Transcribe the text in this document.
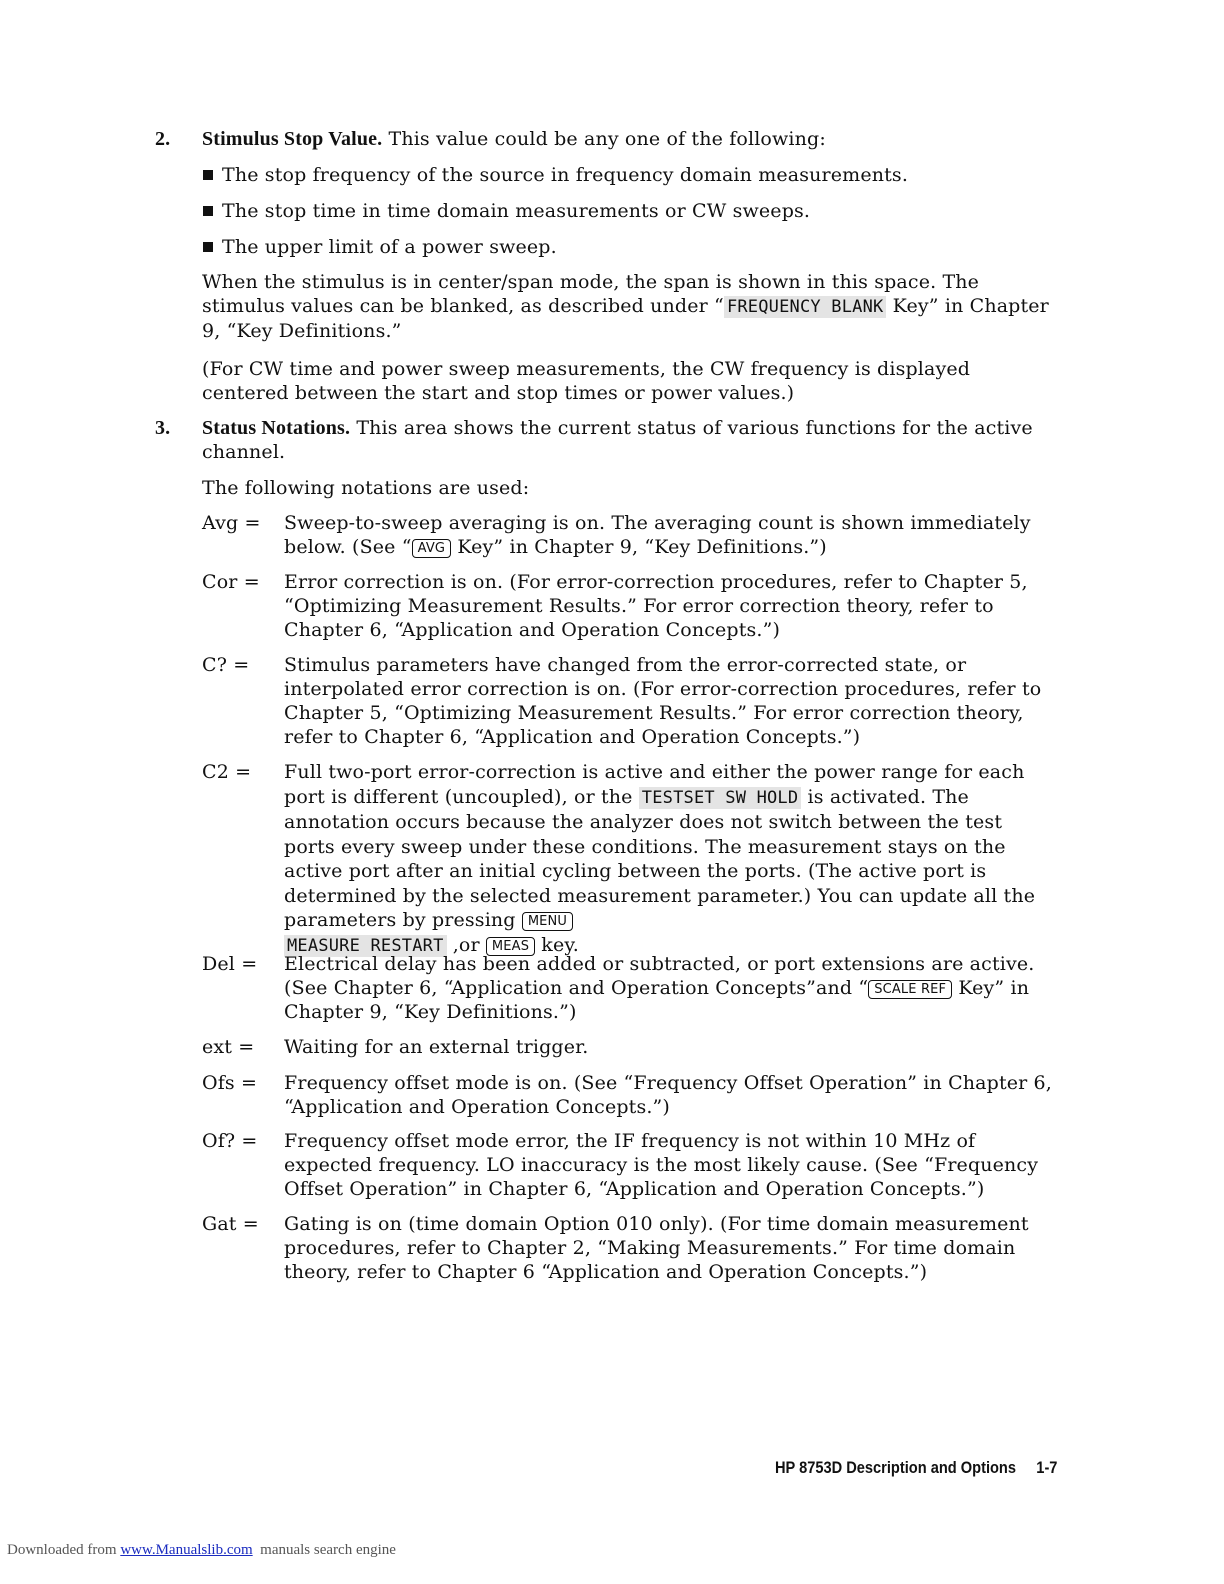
2. Stimulus Stop Value. This value could be any one of the following:
The stop frequency of the source in frequency domain measurements.
The stop time in time domain measurements or CW sweeps.
The upper limit of a power sweep.
When the stimulus is in center/span mode, the span is shown in this space. The stimulus values can be blanked, as described under “ FREQUENCY BLANK Key” in Chapter 9, “Key Definitions.”
(For CW time and power sweep measurements, the CW frequency is displayed centered between the start and stop times or power values.)
3. Status Notations. This area shows the current status of various functions for the active channel.
The following notations are used:
Avg =	Sweep-to-sweep averaging is on. The averaging count is shown immediately below. (See “ AVG Key” in Chapter 9, “Key Definitions.”)
Cor =	Error correction is on. (For error-correction procedures, refer to Chapter 5, “Optimizing Measurement Results.” For error correction theory, refer to Chapter 6, “Application and Operation Concepts.”)
C? =	Stimulus parameters have changed from the error-corrected state, or interpolated error correction is on. (For error-correction procedures, refer to Chapter 5, “Optimizing Measurement Results.” For error correction theory, refer to Chapter 6, “Application and Operation Concepts.”)
C2 =	Full two-port error-correction is active and either the power range for each port is different (uncoupled), or the TESTSET SW HOLD is activated. The annotation occurs because the analyzer does not switch between the test ports every sweep under these conditions. The measurement stays on the active port after an initial cycling between the ports. (The active port is determined by the selected measurement parameter.) You can update all the parameters by pressing MENU
MEASURE RESTART ,or MEAS key.
Del =	Electrical delay has been added or subtracted, or port extensions are active. (See Chapter 6, “Application and Operation Concepts”and “ SCALE REF Key” in Chapter 9, “Key Definitions.”)
ext =	Waiting for an external trigger.
Ofs =	Frequency offset mode is on. (See “Frequency Offset Operation” in Chapter 6, “Application and Operation Concepts.”)
Of? =	Frequency offset mode error, the IF frequency is not within 10 MHz of expected frequency. LO inaccuracy is the most likely cause. (See “Frequency Offset Operation” in Chapter 6, “Application and Operation Concepts.”)
Gat =	Gating is on (time domain Option 010 only). (For time domain measurement procedures, refer to Chapter 2, “Making Measurements.” For time domain theory, refer to Chapter 6 “Application and Operation Concepts.”)
HP 8753D Description and Options     1-7
Downloaded from www.Manualslib.com  manuals search engine
